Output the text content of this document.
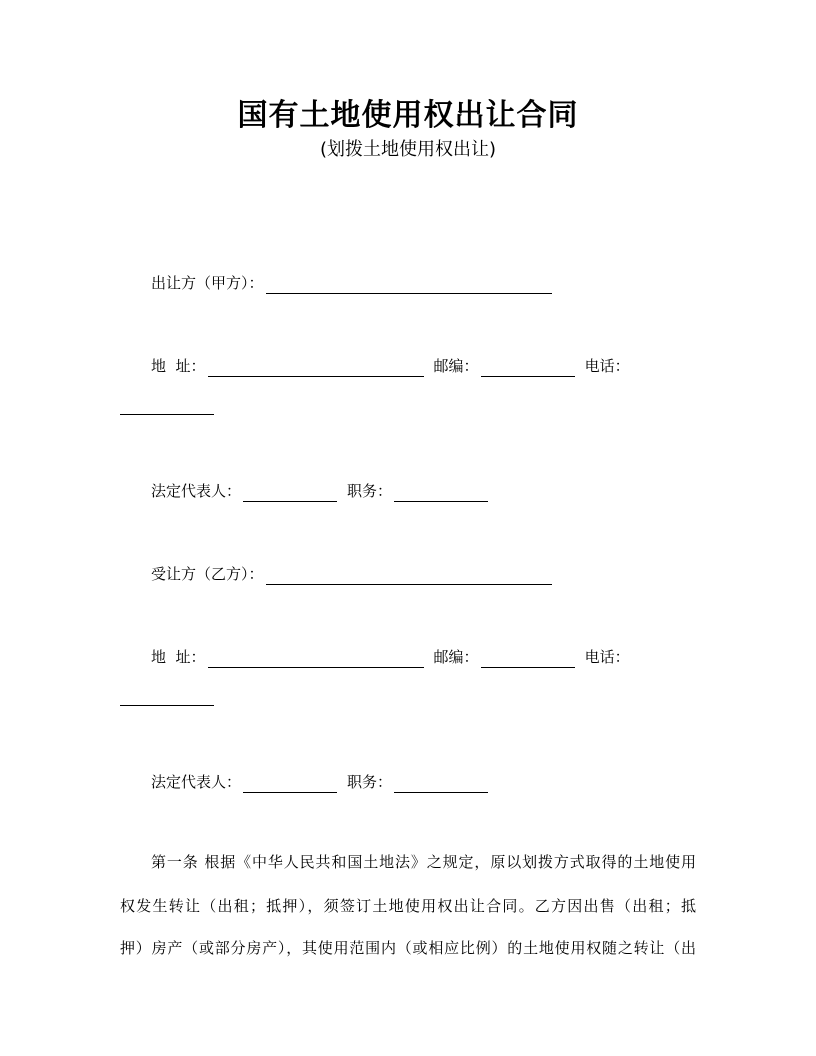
国有土地使用权出让合同
(划拨土地使用权出让)
出让方（甲方）：
地  址：	邮编：	电话：
法定代表人：	职务：
受让方（乙方）：
地  址：	邮编：	电话：
法定代表人：	职务：
第一条 根据《中华人民共和国土地法》之规定，原以划拨方式取得的土地使用
权发生转让（出租；抵押），须签订土地使用权出让合同。乙方因出售（出租；抵
押）房产（或部分房产），其使用范围内（或相应比例）的土地使用权随之转让（出
